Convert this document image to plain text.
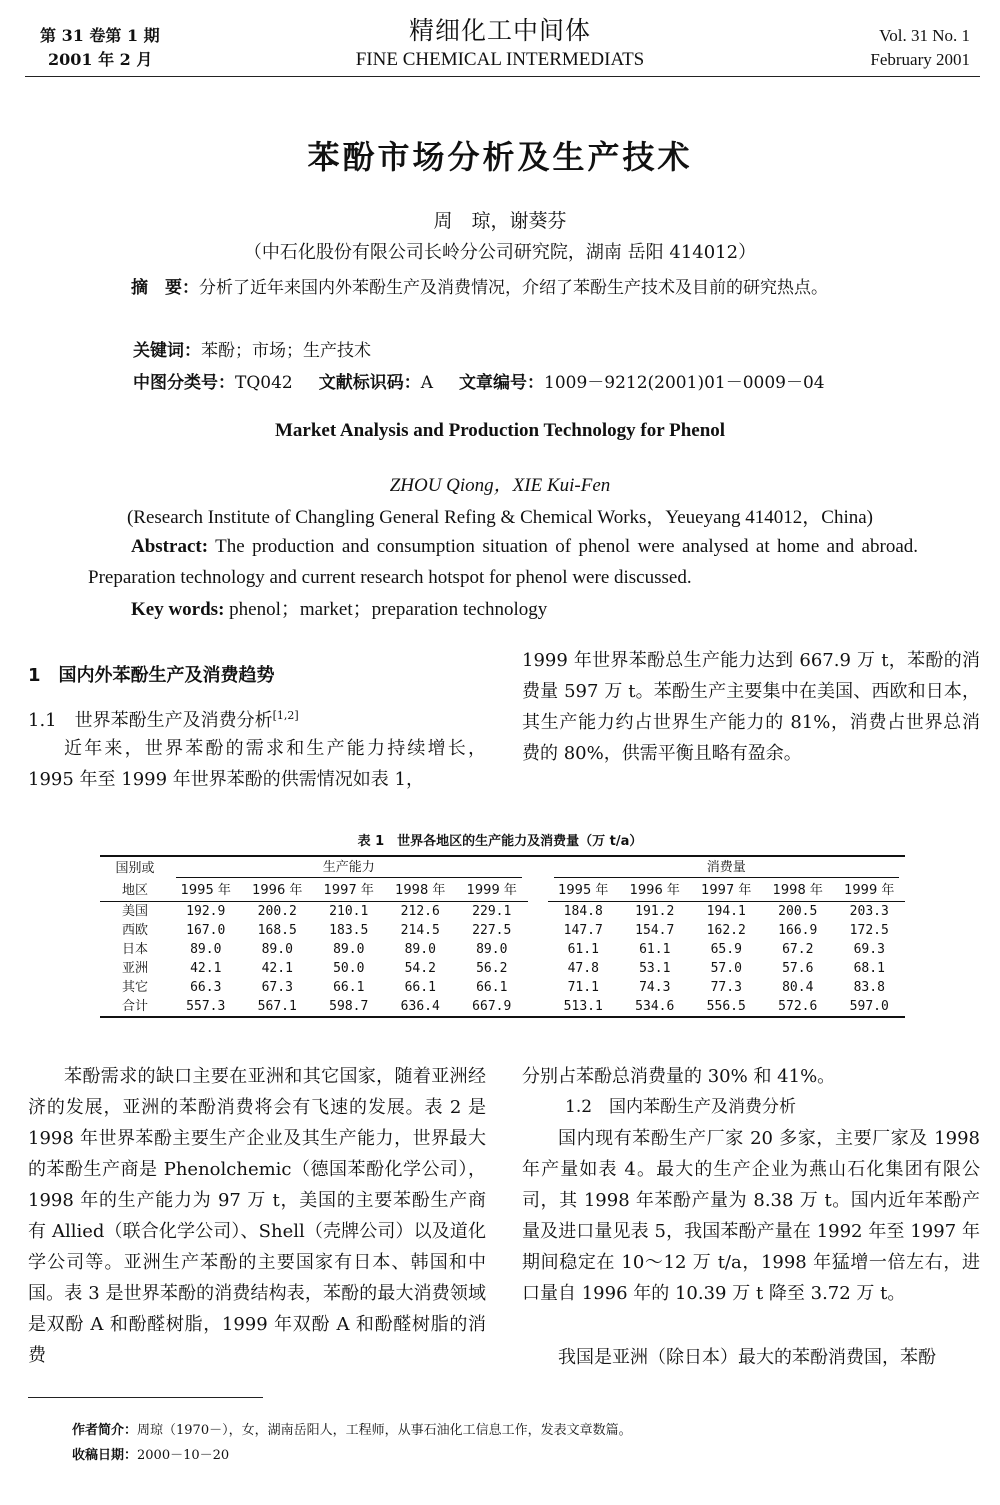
第 31 卷第 1 期
2001 年 2 月
精细化工中间体
FINE CHEMICAL INTERMEDIATS
Vol. 31 No. 1
February 2001
苯酚市场分析及生产技术
周　琼，谢葵芬
（中石化股份有限公司长岭分公司研究院，湖南 岳阳 414012）
摘　要：分析了近年来国内外苯酚生产及消费情况，介绍了苯酚生产技术及目前的研究热点。
关键词：苯酚；市场；生产技术
中图分类号：TQ042 文献标识码：A 文章编号：1009－9212(2001)01－0009－04
Market Analysis and Production Technology for Phenol
ZHOU Qiong，XIE Kui-Fen
(Research Institute of Changling General Refing & Chemical Works，Yeueyang 414012，China)
Abstract: The production and consumption situation of phenol were analysed at home and abroad. Preparation technology and current research hotspot for phenol were discussed.
Key words: phenol；market；preparation technology
1　国内外苯酚生产及消费趋势
1.1　世界苯酚生产及消费分析[1,2]
近年来，世界苯酚的需求和生产能力持续增长，1995 年至 1999 年世界苯酚的供需情况如表 1，
1999 年世界苯酚总生产能力达到 667.9 万 t，苯酚的消费量 597 万 t。苯酚生产主要集中在美国、西欧和日本，其生产能力约占世界生产能力的 81%，消费占世界总消费的 80%，供需平衡且略有盈余。
表 1　世界各地区的生产能力及消费量（万 t/a）
国别或	生产能力						消费量				

地区	1995 年	1996 年	1997 年	1998 年	1999 年		1995 年	1996 年	1997 年	1998 年	1999 年
美国	192.9	200.2	210.1	212.6	229.1		184.8	191.2	194.1	200.5	203.3
西欧	167.0	168.5	183.5	214.5	227.5		147.7	154.7	162.2	166.9	172.5
日本	89.0	89.0	89.0	89.0	89.0		61.1	61.1	65.9	67.2	69.3
亚洲	42.1	42.1	50.0	54.2	56.2		47.8	53.1	57.0	57.6	68.1
其它	66.3	67.3	66.1	66.1	66.1		71.1	74.3	77.3	80.4	83.8
合计	557.3	567.1	598.7	636.4	667.9		513.1	534.6	556.5	572.6	597.0
苯酚需求的缺口主要在亚洲和其它国家，随着亚洲经济的发展，亚洲的苯酚消费将会有飞速的发展。表 2 是 1998 年世界苯酚主要生产企业及其生产能力，世界最大的苯酚生产商是 Phenolchemic（德国苯酚化学公司），1998 年的生产能力为 97 万 t，美国的主要苯酚生产商有 Allied（联合化学公司）、Shell（壳牌公司）以及道化学公司等。亚洲生产苯酚的主要国家有日本、韩国和中国。表 3 是世界苯酚的消费结构表，苯酚的最大消费领域是双酚 A 和酚醛树脂，1999 年双酚 A 和酚醛树脂的消费
分别占苯酚总消费量的 30% 和 41%。
1.2　国内苯酚生产及消费分析
国内现有苯酚生产厂家 20 多家，主要厂家及 1998 年产量如表 4。最大的生产企业为燕山石化集团有限公司，其 1998 年苯酚产量为 8.38 万 t。国内近年苯酚产量及进口量见表 5，我国苯酚产量在 1992 年至 1997 年期间稳定在 10～12 万 t/a，1998 年猛增一倍左右，进口量自 1996 年的 10.39 万 t 降至 3.72 万 t。
我国是亚洲（除日本）最大的苯酚消费国，苯酚
作者简介：周琼（1970－），女，湖南岳阳人，工程师，从事石油化工信息工作，发表文章数篇。
收稿日期：2000－10－20
